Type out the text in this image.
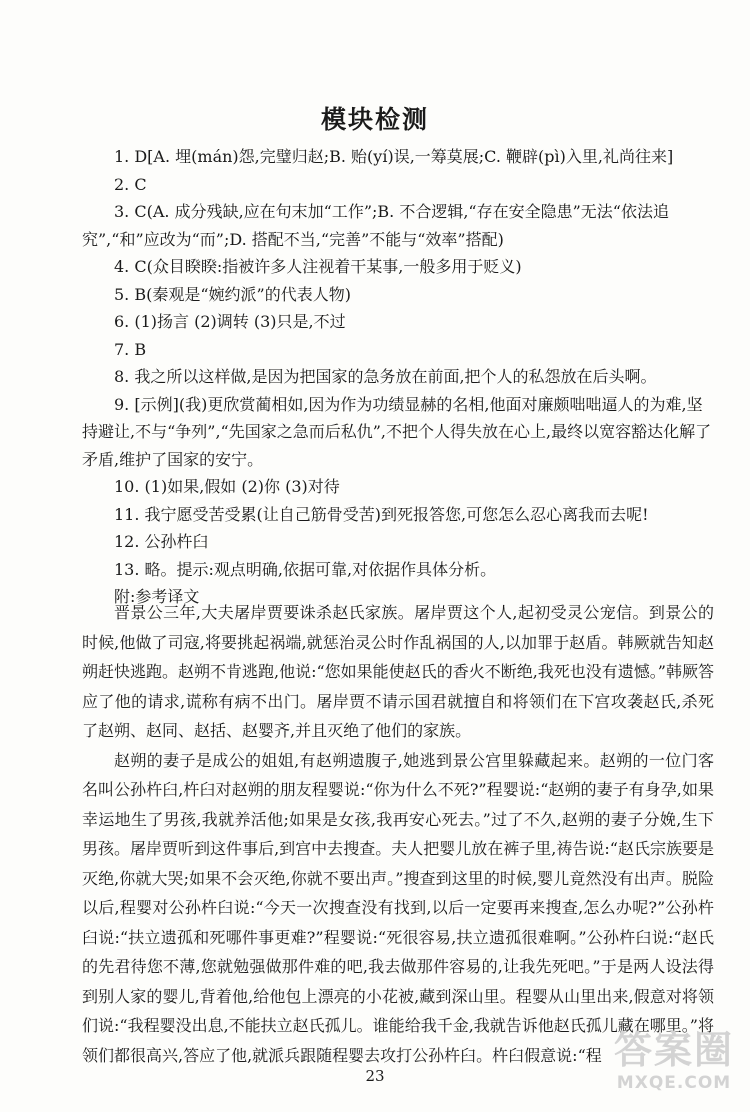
模块检测

1. D[A. 埋(mán)怨,完璧归赵;B. 贻(yí)误,一筹莫展;C. 鞭辟(pì)入里,礼尚往来]

2. C

3. C(A. 成分残缺,应在句末加“工作”;B. 不合逻辑,“存在安全隐患”无法“依法追究”,“和”应改为“而”;D. 搭配不当,“完善”不能与“效率”搭配)

4. C(众目睽睽:指被许多人注视着干某事,一般多用于贬义)

5. B(秦观是“婉约派”的代表人物)

6. (1)扬言 (2)调转 (3)只是,不过

7. B

8. 我之所以这样做,是因为把国家的急务放在前面,把个人的私怨放在后头啊。

9. [示例](我)更欣赏蔺相如,因为作为功绩显赫的名相,他面对廉颇咄咄逼人的为难,坚持避让,不与“争列”,“先国家之急而后私仇”,不把个人得失放在心上,最终以宽容豁达化解了矛盾,维护了国家的安宁。

10. (1)如果,假如 (2)你 (3)对待

11. 我宁愿受苦受累(让自己筋骨受苦)到死报答您,可您怎么忍心离我而去呢!

12. 公孙杵臼

13. 略。提示:观点明确,依据可靠,对依据作具体分析。

附:参考译文

晋景公三年,大夫屠岸贾要诛杀赵氏家族。屠岸贾这个人,起初受灵公宠信。到景公的时候,他做了司寇,将要挑起祸端,就惩治灵公时作乱祸国的人,以加罪于赵盾。韩厥就告知赵朔赶快逃跑。赵朔不肯逃跑,他说:“您如果能使赵氏的香火不断绝,我死也没有遗憾。”韩厥答应了他的请求,谎称有病不出门。屠岸贾不请示国君就擅自和将领们在下宫攻袭赵氏,杀死了赵朔、赵同、赵括、赵婴齐,并且灭绝了他们的家族。

赵朔的妻子是成公的姐姐,有赵朔遗腹子,她逃到景公宫里躲藏起来。赵朔的一位门客名叫公孙杵臼,杵臼对赵朔的朋友程婴说:“你为什么不死?”程婴说:“赵朔的妻子有身孕,如果幸运地生了男孩,我就养活他;如果是女孩,我再安心死去。”过了不久,赵朔的妻子分娩,生下男孩。屠岸贾听到这件事后,到宫中去搜查。夫人把婴儿放在裤子里,祷告说:“赵氏宗族要是灭绝,你就大哭;如果不会灭绝,你就不要出声。”搜查到这里的时候,婴儿竟然没有出声。脱险以后,程婴对公孙杵臼说:“今天一次搜查没有找到,以后一定要再来搜查,怎么办呢?”公孙杵臼说:“扶立遗孤和死哪件事更难?”程婴说:“死很容易,扶立遗孤很难啊。”公孙杵臼说:“赵氏的先君待您不薄,您就勉强做那件难的吧,我去做那件容易的,让我先死吧。”于是两人设法得到别人家的婴儿,背着他,给他包上漂亮的小花被,藏到深山里。程婴从山里出来,假意对将领们说:“我程婴没出息,不能扶立赵氏孤儿。谁能给我千金,我就告诉他赵氏孤儿藏在哪里。”将领们都很高兴,答应了他,就派兵跟随程婴去攻打公孙杵臼。杵臼假意说:“程

23
答案圈
MXQE.COM
